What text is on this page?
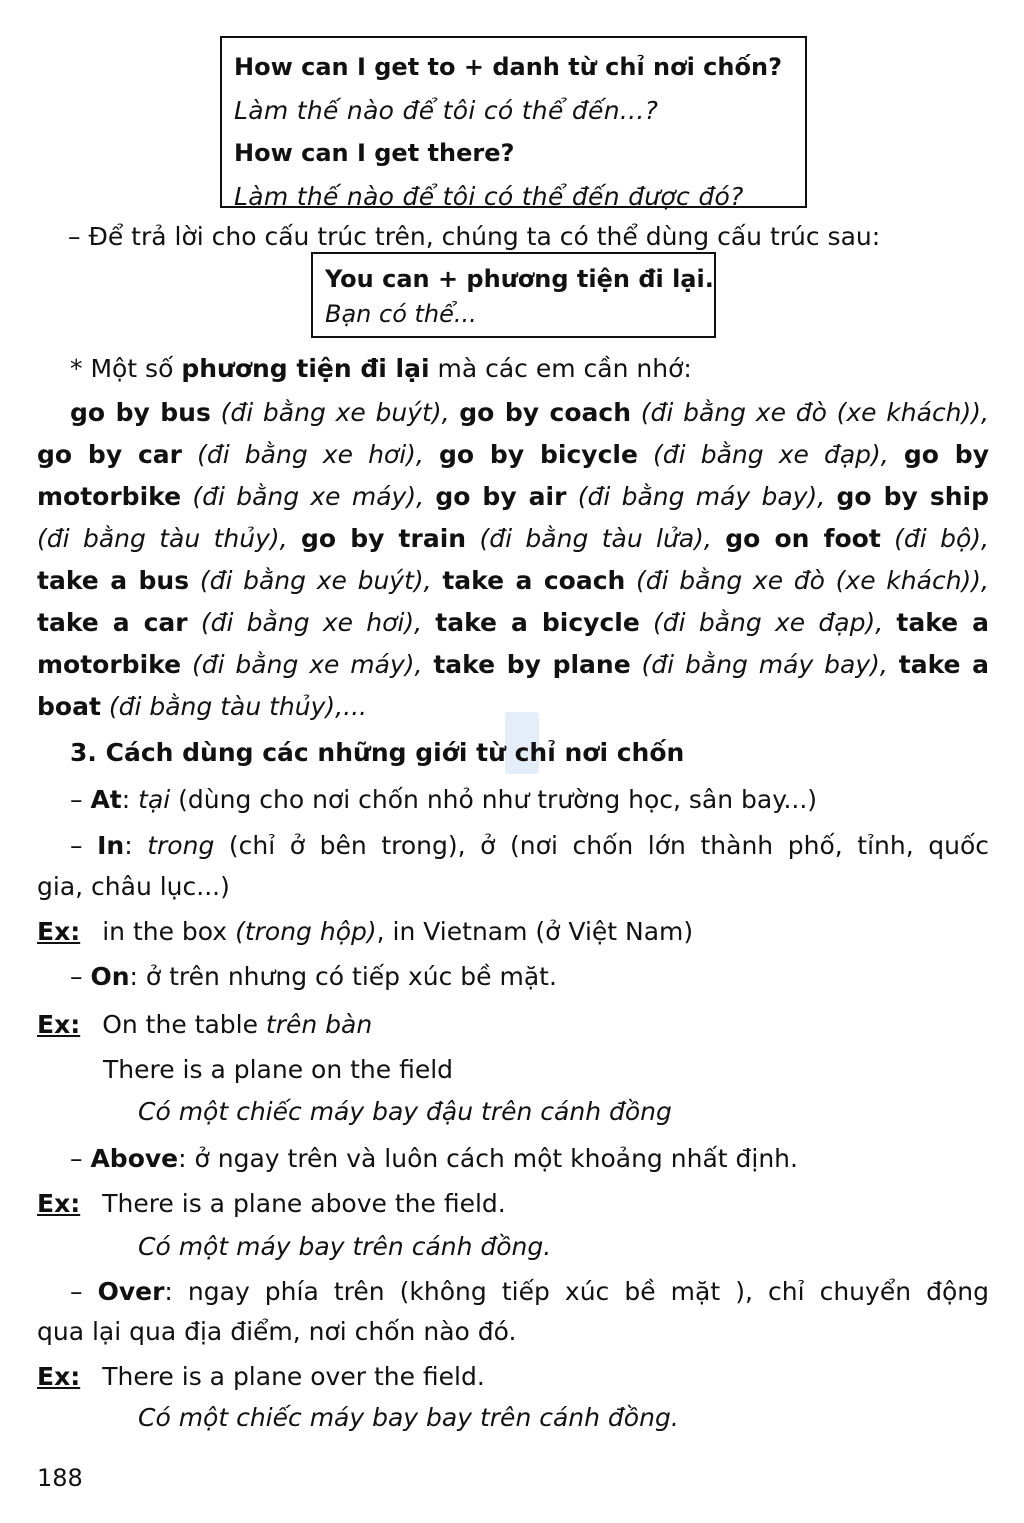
How can I get to + danh từ chỉ nơi chốn?
Làm thế nào để tôi có thể đến...?
How can I get there?
Làm thế nào để tôi có thể đến được đó?
– Để trả lời cho cấu trúc trên, chúng ta có thể dùng cấu trúc sau:
You can + phương tiện đi lại.
Bạn có thể...
* Một số phương tiện đi lại mà các em cần nhớ:
go by bus (đi bằng xe buýt), go by coach (đi bằng xe đò (xe khách)),
go by car (đi bằng xe hơi), go by bicycle (đi bằng xe đạp), go by
motorbike (đi bằng xe máy), go by air (đi bằng máy bay), go by ship
(đi bằng tàu thủy), go by train (đi bằng tàu lửa), go on foot (đi bộ),
take a bus (đi bằng xe buýt), take a coach (đi bằng xe đò (xe khách)),
take a car (đi bằng xe hơi), take a bicycle (đi bằng xe đạp), take a
motorbike (đi bằng xe máy), take by plane (đi bằng máy bay), take a
boat (đi bằng tàu thủy),...
3. Cách dùng các những giới từ chỉ nơi chốn
– At: tại (dùng cho nơi chốn nhỏ như trường học, sân bay...)
– In: trong (chỉ ở bên trong), ở (nơi chốn lớn thành phố, tỉnh, quốc
gia, châu lục...)
Ex: in the box (trong hộp), in Vietnam (ở Việt Nam)
– On: ở trên nhưng có tiếp xúc bề mặt.
Ex: On the table trên bàn
There is a plane on the field
Có một chiếc máy bay đậu trên cánh đồng
– Above: ở ngay trên và luôn cách một khoảng nhất định.
Ex: There is a plane above the field.
Có một máy bay trên cánh đồng.
– Over: ngay phía trên (không tiếp xúc bề mặt ), chỉ chuyển động
qua lại qua địa điểm, nơi chốn nào đó.
Ex: There is a plane over the field.
Có một chiếc máy bay bay trên cánh đồng.
188
